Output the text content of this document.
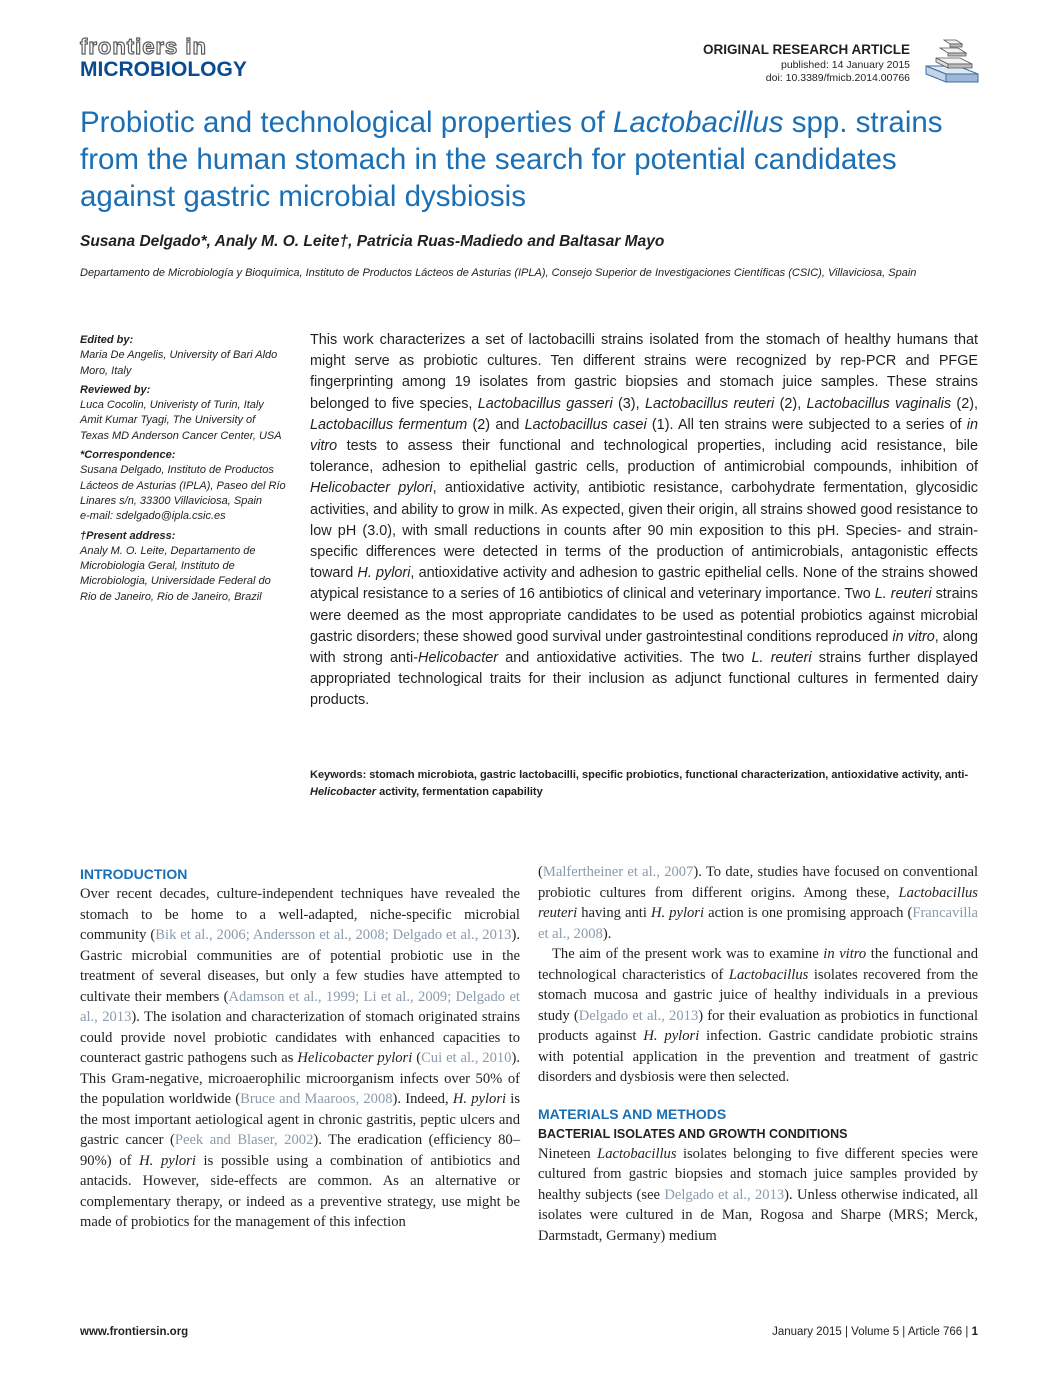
frontiers in
MICROBIOLOGY
ORIGINAL RESEARCH ARTICLE
published: 14 January 2015
doi: 10.3389/fmicb.2014.00766
Probiotic and technological properties of Lactobacillus spp. strains from the human stomach in the search for potential candidates against gastric microbial dysbiosis
Susana Delgado*, Analy M. O. Leite†, Patricia Ruas-Madiedo and Baltasar Mayo
Departamento de Microbiología y Bioquímica, Instituto de Productos Lácteos de Asturias (IPLA), Consejo Superior de Investigaciones Científicas (CSIC), Villaviciosa, Spain

Edited by:

Maria De Angelis, University of Bari Aldo Moro, Italy

Reviewed by:

Luca Cocolin, Univeristy of Turin, Italy

Amit Kumar Tyagi, The University of Texas MD Anderson Cancer Center, USA

*Correspondence:

Susana Delgado, Instituto de Productos Lácteos de Asturias (IPLA), Paseo del Río Linares s/n, 33300 Villaviciosa, Spain

e-mail: sdelgado@ipla.csic.es

†Present address:

Analy M. O. Leite, Departamento de Microbiologia Geral, Instituto de Microbiologia, Universidade Federal do Rio de Janeiro, Rio de Janeiro, Brazil

This work characterizes a set of lactobacilli strains isolated from the stomach of healthy humans that might serve as probiotic cultures. Ten different strains were recognized by rep-PCR and PFGE fingerprinting among 19 isolates from gastric biopsies and stomach juice samples. These strains belonged to five species, Lactobacillus gasseri (3), Lactobacillus reuteri (2), Lactobacillus vaginalis (2), Lactobacillus fermentum (2) and Lactobacillus casei (1). All ten strains were subjected to a series of in vitro tests to assess their functional and technological properties, including acid resistance, bile tolerance, adhesion to epithelial gastric cells, production of antimicrobial compounds, inhibition of Helicobacter pylori, antioxidative activity, antibiotic resistance, carbohydrate fermentation, glycosidic activities, and ability to grow in milk. As expected, given their origin, all strains showed good resistance to low pH (3.0), with small reductions in counts after 90 min exposition to this pH. Species- and strain-specific differences were detected in terms of the production of antimicrobials, antagonistic effects toward H. pylori, antioxidative activity and adhesion to gastric epithelial cells. None of the strains showed atypical resistance to a series of 16 antibiotics of clinical and veterinary importance. Two L. reuteri strains were deemed as the most appropriate candidates to be used as potential probiotics against microbial gastric disorders; these showed good survival under gastrointestinal conditions reproduced in vitro, along with strong anti-Helicobacter and antioxidative activities. The two L. reuteri strains further displayed appropriated technological traits for their inclusion as adjunct functional cultures in fermented dairy products.
Keywords: stomach microbiota, gastric lactobacilli, specific probiotics, functional characterization, antioxidative activity, anti-Helicobacter activity, fermentation capability
INTRODUCTION

Over recent decades, culture-independent techniques have revealed the stomach to be home to a well-adapted, niche-specific microbial community (Bik et al., 2006; Andersson et al., 2008; Delgado et al., 2013). Gastric microbial communities are of potential probiotic use in the treatment of several diseases, but only a few studies have attempted to cultivate their members (Adamson et al., 1999; Li et al., 2009; Delgado et al., 2013). The isolation and characterization of stomach originated strains could provide novel probiotic candidates with enhanced capacities to counteract gastric pathogens such as Helicobacter pylori (Cui et al., 2010). This Gram-negative, microaerophilic microorganism infects over 50% of the population worldwide (Bruce and Maaroos, 2008). Indeed, H. pylori is the most important aetiological agent in chronic gastritis, peptic ulcers and gastric cancer (Peek and Blaser, 2002). The eradication (efficiency 80–90%) of H. pylori is possible using a combination of antibiotics and antacids. However, side-effects are common. As an alternative or complementary therapy, or indeed as a preventive strategy, use might be made of probiotics for the management of this infection

(Malfertheiner et al., 2007). To date, studies have focused on conventional probiotic cultures from different origins. Among these, Lactobacillus reuteri having anti H. pylori action is one promising approach (Francavilla et al., 2008).

The aim of the present work was to examine in vitro the functional and technological characteristics of Lactobacillus isolates recovered from the stomach mucosa and gastric juice of healthy individuals in a previous study (Delgado et al., 2013) for their evaluation as probiotics in functional products against H. pylori infection. Gastric candidate probiotic strains with potential application in the prevention and treatment of gastric disorders and dysbiosis were then selected.

MATERIALS AND METHODS
BACTERIAL ISOLATES AND GROWTH CONDITIONS

Nineteen Lactobacillus isolates belonging to five different species were cultured from gastric biopsies and stomach juice samples provided by healthy subjects (see Delgado et al., 2013). Unless otherwise indicated, all isolates were cultured in de Man, Rogosa and Sharpe (MRS; Merck, Darmstadt, Germany) medium

www.frontiersin.org	January 2015 | Volume 5 | Article 766 | 1
